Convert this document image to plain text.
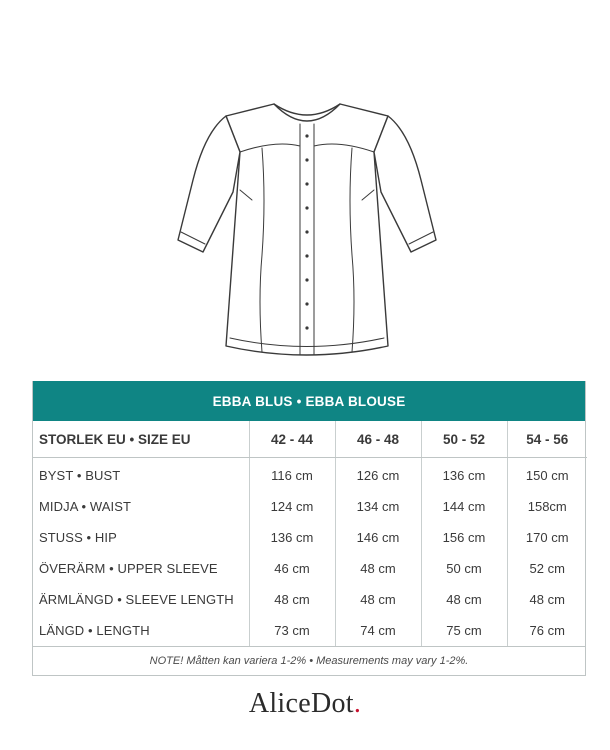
EBBA BLUS • EBBA BLOUSE
STORLEK EU • SIZE EU	42 - 44	46 - 48	50 - 52	54 - 56
BYST • BUST	116 cm	126 cm	136 cm	150 cm
MIDJA • WAIST	124 cm	134 cm	144 cm	158cm
STUSS • HIP	136 cm	146 cm	156 cm	170 cm
ÖVERÄRM • UPPER SLEEVE	46 cm	48 cm	50 cm	52 cm
ÄRMLÄNGD • SLEEVE LENGTH	48 cm	48 cm	48 cm	48 cm
LÄNGD • LENGTH	73 cm	74 cm	75 cm	76 cm
NOTE! Måtten kan variera 1-2% • Measurements may vary 1-2%.
AliceDot.
